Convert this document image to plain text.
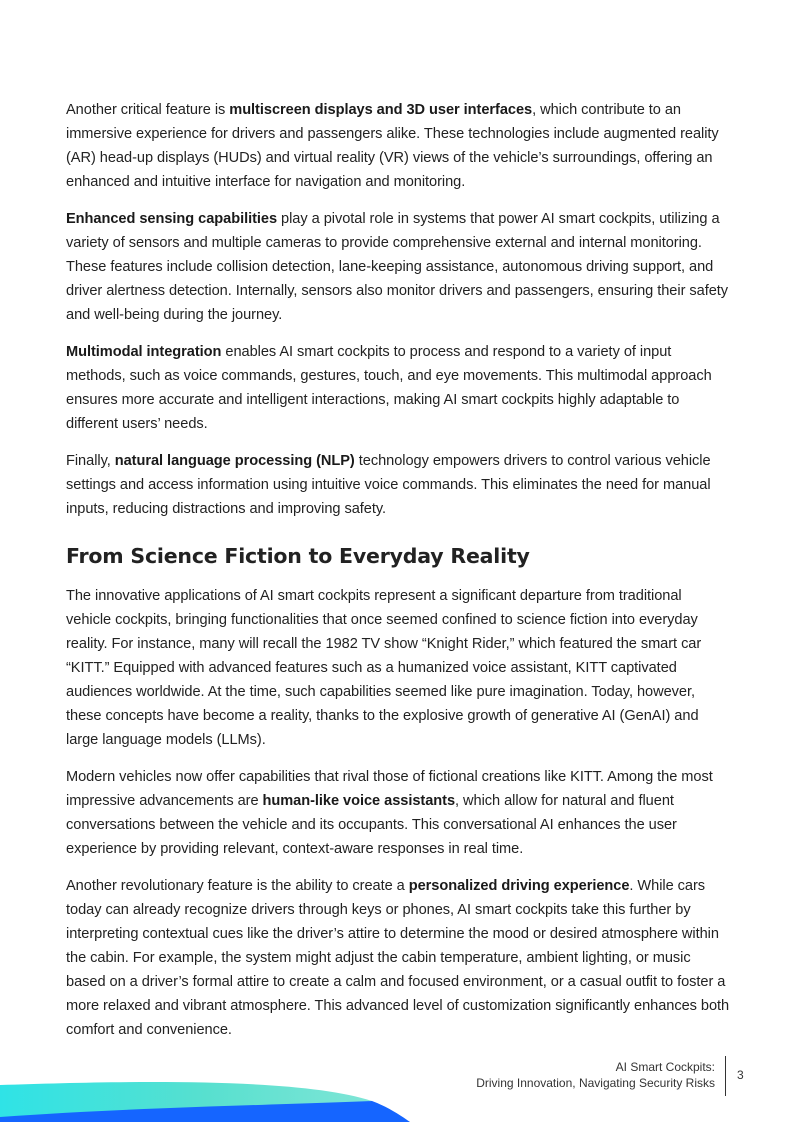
Another critical feature is multiscreen displays and 3D user interfaces, which contribute to an immersive experience for drivers and passengers alike. These technologies include augmented reality (AR) head-up displays (HUDs) and virtual reality (VR) views of the vehicle’s surroundings, offering an enhanced and intuitive interface for navigation and monitoring.

Enhanced sensing capabilities play a pivotal role in systems that power AI smart cockpits, utilizing a variety of sensors and multiple cameras to provide comprehensive external and internal monitoring. These features include collision detection, lane-keeping assistance, autonomous driving support, and driver alertness detection. Internally, sensors also monitor drivers and passengers, ensuring their safety and well-being during the journey.

Multimodal integration enables AI smart cockpits to process and respond to a variety of input methods, such as voice commands, gestures, touch, and eye movements. This multimodal approach ensures more accurate and intelligent interactions, making AI smart cockpits highly adaptable to different users’ needs.

Finally, natural language processing (NLP) technology empowers drivers to control various vehicle settings and access information using intuitive voice commands. This eliminates the need for manual inputs, reducing distractions and improving safety.

From Science Fiction to Everyday Reality

The innovative applications of AI smart cockpits represent a significant departure from traditional vehicle cockpits, bringing functionalities that once seemed confined to science fiction into everyday reality. For instance, many will recall the 1982 TV show “Knight Rider,” which featured the smart car “KITT.” Equipped with advanced features such as a humanized voice assistant, KITT captivated audiences worldwide. At the time, such capabilities seemed like pure imagination. Today, however, these concepts have become a reality, thanks to the explosive growth of generative AI (GenAI) and large language models (LLMs).

Modern vehicles now offer capabilities that rival those of fictional creations like KITT. Among the most impressive advancements are human-like voice assistants, which allow for natural and fluent conversations between the vehicle and its occupants. This conversational AI enhances the user experience by providing relevant, context-aware responses in real time.

Another revolutionary feature is the ability to create a personalized driving experience. While cars today can already recognize drivers through keys or phones, AI smart cockpits take this further by interpreting contextual cues like the driver’s attire to determine the mood or desired atmosphere within the cabin. For example, the system might adjust the cabin temperature, ambient lighting, or music based on a driver’s formal attire to create a calm and focused environment, or a casual outfit to foster a more relaxed and vibrant atmosphere. This advanced level of customization significantly enhances both comfort and convenience.

AI Smart Cockpits:
Driving Innovation, Navigating Security Risks
3
